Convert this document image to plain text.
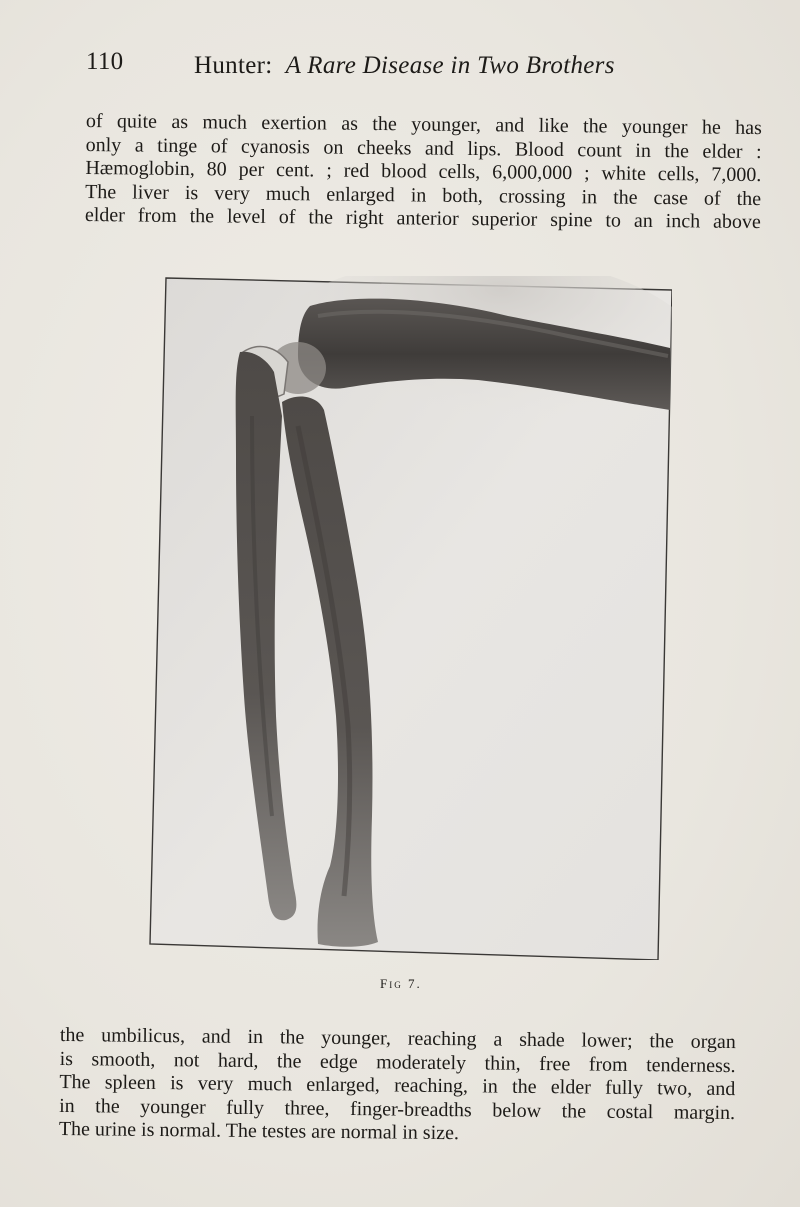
110	Hunter: A Rare Disease in Two Brothers
of quite as much exertion as the younger, and like the younger he has
only a tinge of cyanosis on cheeks and lips. Blood count in the elder :
Hæmoglobin, 80 per cent. ; red blood cells, 6,000,000 ; white cells, 7,000.
The liver is very much enlarged in both, crossing in the case of the
elder from the level of the right anterior superior spine to an inch above
Fig 7.
the umbilicus, and in the younger, reaching a shade lower; the organ
is smooth, not hard, the edge moderately thin, free from tenderness.
The spleen is very much enlarged, reaching, in the elder fully two, and
in the younger fully three, finger-breadths below the costal margin.
The urine is normal. The testes are normal in size.
